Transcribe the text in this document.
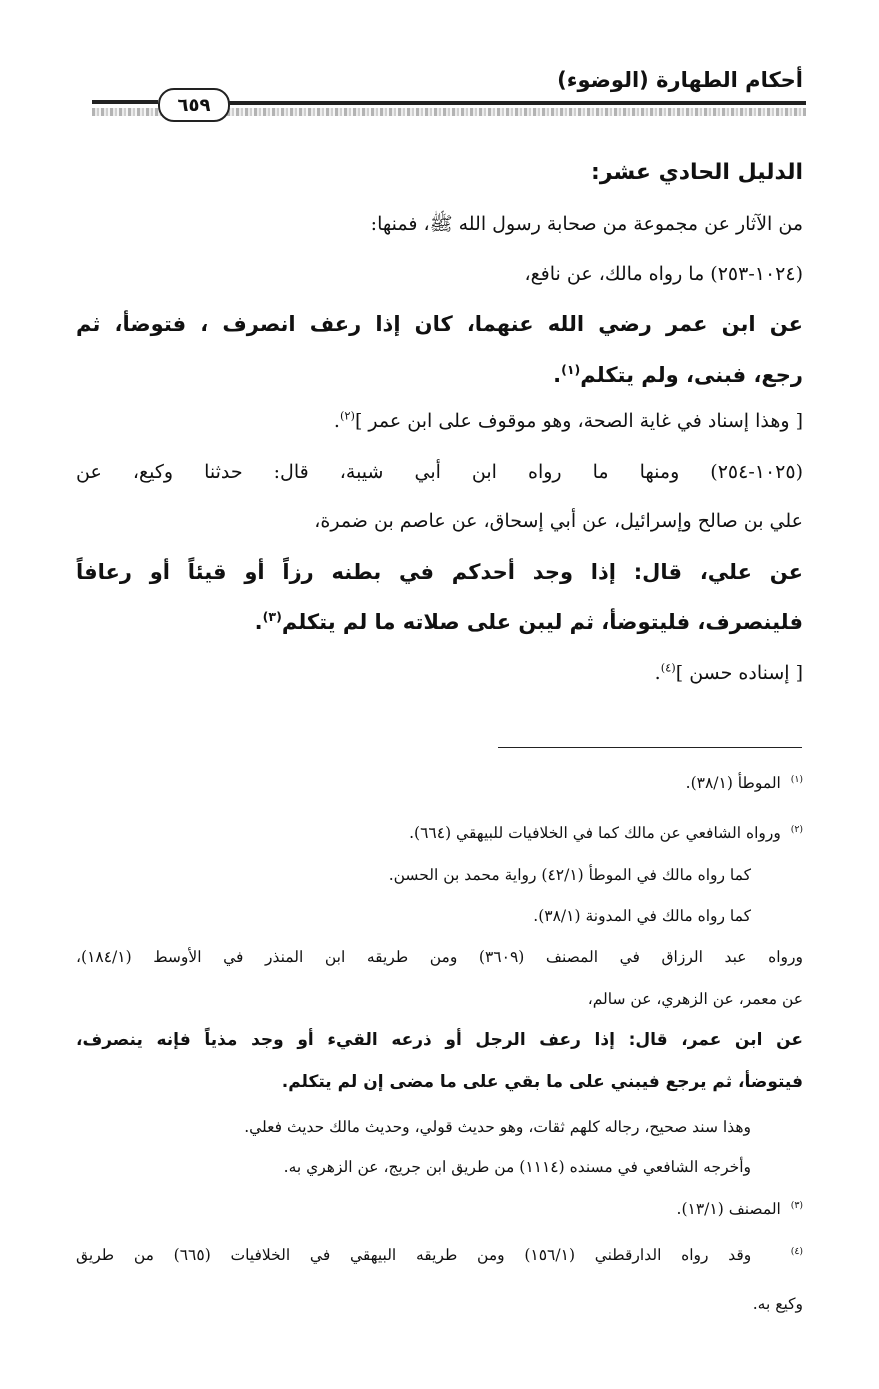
أحكام الطهارة (الوضوء)
٦٥٩
الدليل الحادي عشر:
من الآثار عن مجموعة من صحابة رسول الله ﷺ، فمنها:
(١٠٢٤-٢٥٣) ما رواه مالك، عن نافع،
عن ابن عمر رضي الله عنهما، كان إذا رعف انصرف ، فتوضأ، ثم
رجع، فبنى، ولم يتكلم$^{(١)}$.
[ وهذا إسناد في غاية الصحة، وهو موقوف على ابن عمر ]$^{(٢)}$.
(١٠٢٥-٢٥٤) ومنها ما رواه ابن أبي شيبة، قال: حدثنا وكيع، عن
علي بن صالح وإسرائيل، عن أبي إسحاق، عن عاصم بن ضمرة،
عن علي، قال: إذا وجد أحدكم في بطنه رزاً أو قيئاً أو رعافاً
فلينصرف، فليتوضأ، ثم ليبن على صلاته ما لم يتكلم$^{(٣)}$.
[ إسناده حسن ]$^{(٤)}$.
$^{(١)}$  الموطأ (٣٨/١).
$^{(٢)}$  ورواه الشافعي عن مالك كما في الخلافيات للبيهقي (٦٦٤).
كما رواه مالك في الموطأ (٤٢/١) رواية محمد بن الحسن.
كما رواه مالك في المدونة (٣٨/١).
ورواه عبد الرزاق في المصنف (٣٦٠٩) ومن طريقه ابن المنذر في الأوسط (١٨٤/١)،
عن معمر، عن الزهري، عن سالم،
عن ابن عمر، قال: إذا رعف الرجل أو ذرعه القيء أو وجد مذياً فإنه ينصرف،
فيتوضأ، ثم يرجع فيبني على ما بقي على ما مضى إن لم يتكلم.
وهذا سند صحيح، رجاله كلهم ثقات، وهو حديث قولي، وحديث مالك حديث فعلي.
وأخرجه الشافعي في مسنده (١١١٤) من طريق ابن جريج، عن الزهري به.
$^{(٣)}$  المصنف (١٣/١).
$^{(٤)}$  وقد رواه الدارقطني (١٥٦/١) ومن طريقه البيهقي في الخلافيات (٦٦٥) من طريق
وكيع به.
